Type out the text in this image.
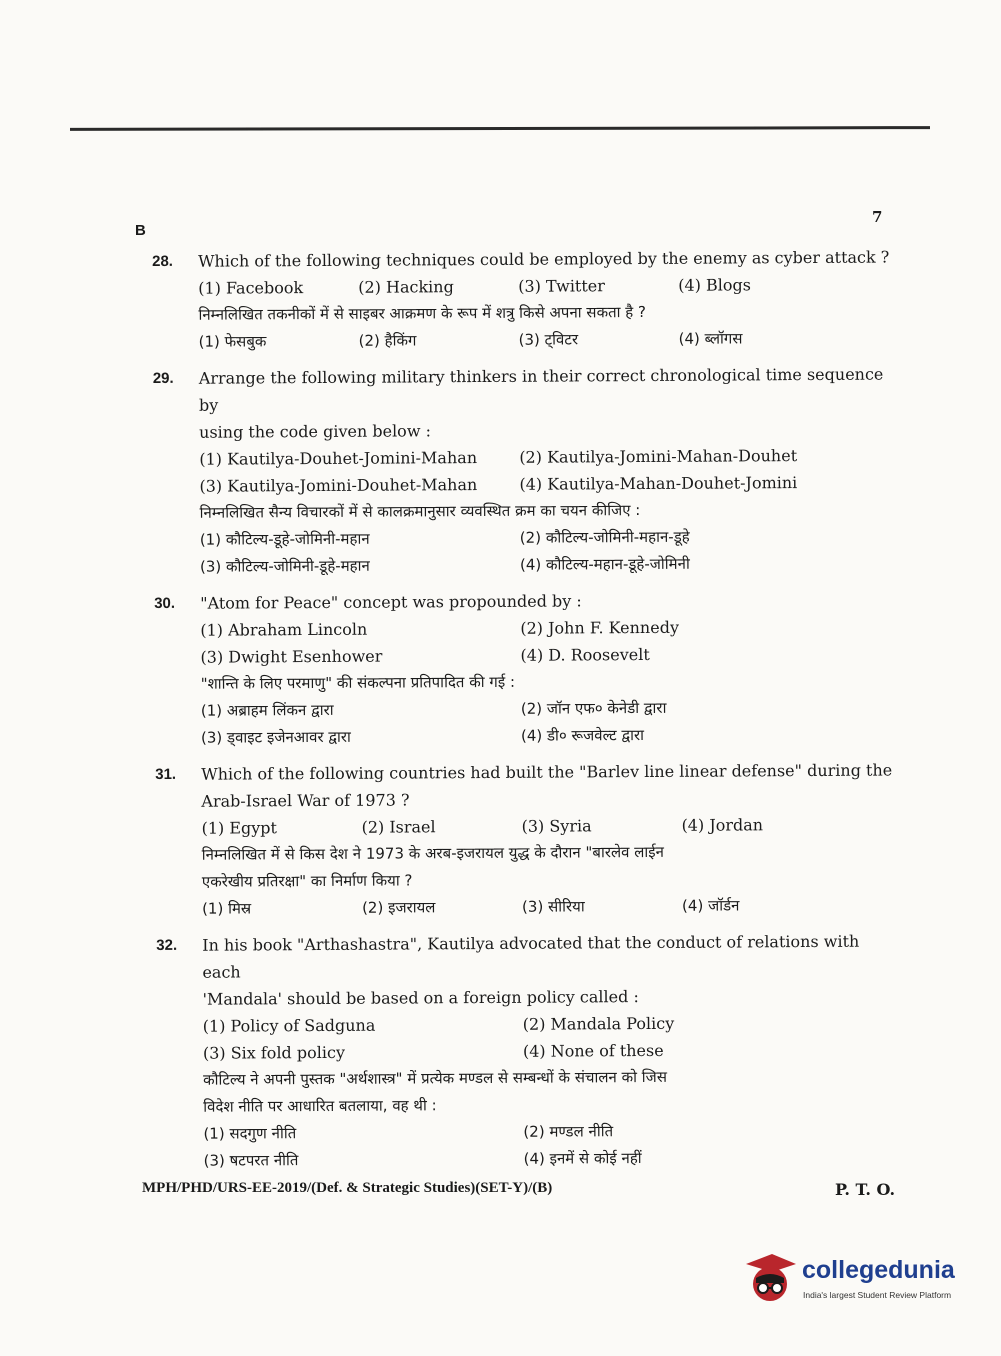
B
7
28. Which of the following techniques could be employed by the enemy as cyber attack ?

(1) Facebook	(2) Hacking	(3) Twitter	(4) Blogs

निम्नलिखित तकनीकों में से साइबर आक्रमण के रूप में शत्रु किसे अपना सकता है ?

(1) फेसबुक	(2) हैकिंग	(3) ट्विटर	(4) ब्लॉगस
29. Arrange the following military thinkers in their correct chronological time sequence by

using the code given below :

(1) Kautilya-Douhet-Jomini-Mahan	(2) Kautilya-Jomini-Mahan-Douhet
(3) Kautilya-Jomini-Douhet-Mahan	(4) Kautilya-Mahan-Douhet-Jomini

निम्नलिखित सैन्य विचारकों में से कालक्रमानुसार व्यवस्थित क्रम का चयन कीजिए :

(1) कौटिल्य-डूहे-जोमिनी-महान	(2) कौटिल्य-जोमिनी-महान-डूहे
(3) कौटिल्य-जोमिनी-डूहे-महान	(4) कौटिल्य-महान-डूहे-जोमिनी
30. "Atom for Peace" concept was propounded by :

(1) Abraham Lincoln	(2) John F. Kennedy
(3) Dwight Esenhower	(4) D. Roosevelt

"शान्ति के लिए परमाणु" की संकल्पना प्रतिपादित की गई :

(1) अब्राहम लिंकन द्वारा	(2) जॉन एफ० केनेडी द्वारा
(3) ड्वाइट इजेनआवर द्वारा	(4) डी० रूजवेल्ट द्वारा
31. Which of the following countries had built the "Barlev line linear defense" during the

Arab-Israel War of 1973 ?

(1) Egypt	(2) Israel	(3) Syria	(4) Jordan

निम्नलिखित में से किस देश ने 1973 के अरब-इजरायल युद्ध के दौरान "बारलेव लाईन

एकरेखीय प्रतिरक्षा" का निर्माण किया ?

(1) मिस्र	(2) इजरायल	(3) सीरिया	(4) जॉर्डन
32. In his book "Arthashastra", Kautilya advocated that the conduct of relations with each

'Mandala' should be based on a foreign policy called :

(1) Policy of Sadguna	(2) Mandala Policy
(3) Six fold policy	(4) None of these

कौटिल्य ने अपनी पुस्तक "अर्थशास्त्र" में प्रत्येक मण्डल से सम्बन्धों के संचालन को जिस

विदेश नीति पर आधारित बतलाया, वह थी :

(1) सदगुण नीति	(2) मण्डल नीति
(3) षटपरत नीति	(4) इनमें से कोई नहीं
MPH/PHD/URS-EE-2019/(Def. & Strategic Studies)(SET-Y)/(B)	P. T. O.
collegedunia
India's largest Student Review Platform
